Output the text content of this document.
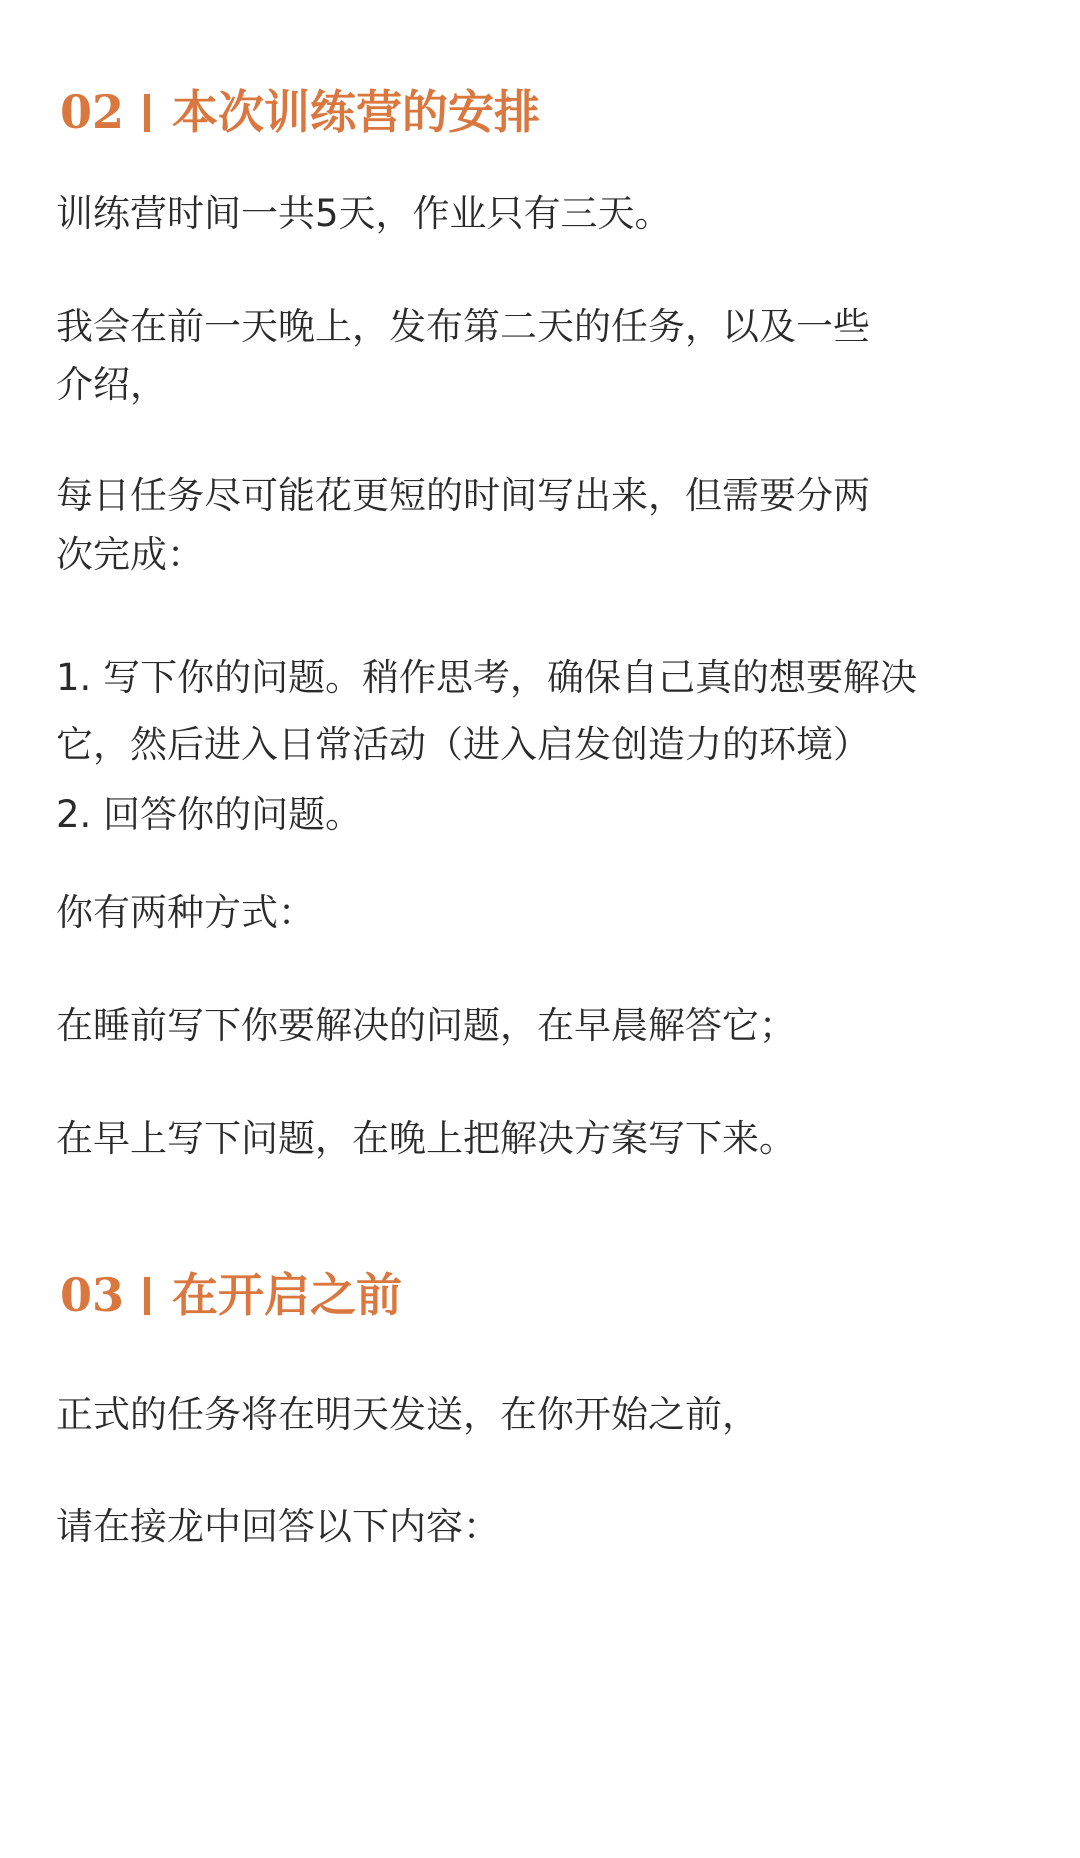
02 本次训练营的安排

训练营时间一共5天，作业只有三天。

我会在前一天晚上，发布第二天的任务，以及一些

介绍，

每日任务尽可能花更短的时间写出来，但需要分两

次完成：

1. 写下你的问题。稍作思考，确保自己真的想要解决

它，然后进入日常活动（进入启发创造力的环境）

2. 回答你的问题。

你有两种方式：

在睡前写下你要解决的问题，在早晨解答它；

在早上写下问题，在晚上把解决方案写下来。

03 在开启之前

正式的任务将在明天发送，在你开始之前，

请在接龙中回答以下内容：
